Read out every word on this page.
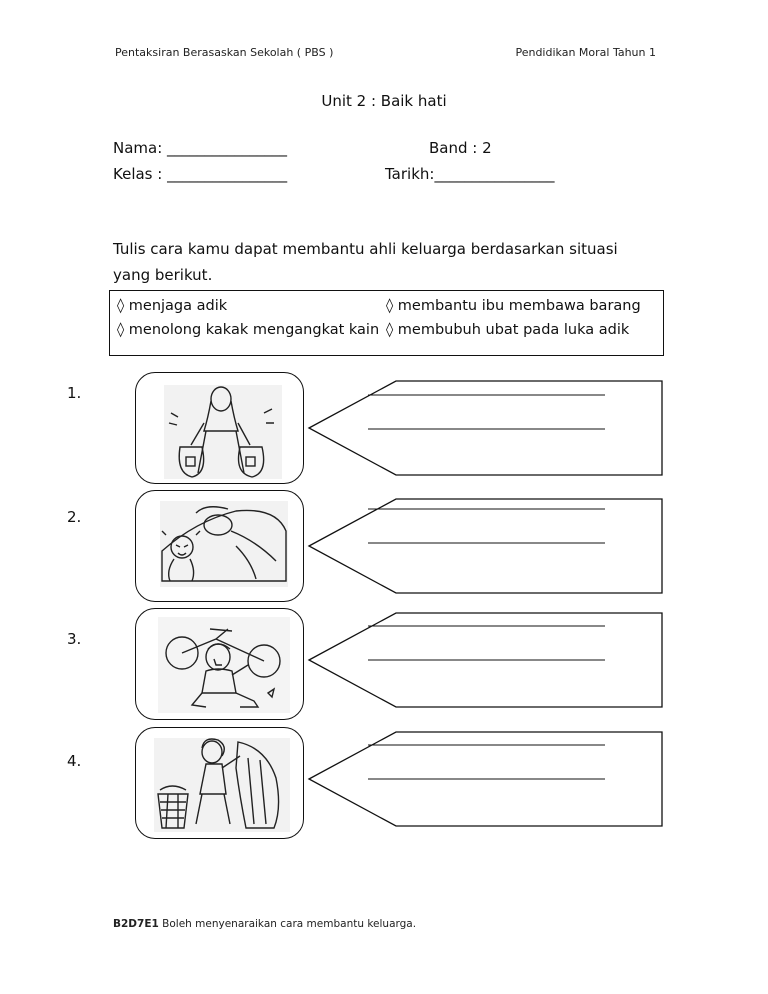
Pentaksiran Berasaskan Sekolah ( PBS )	Pendidikan Moral Tahun 1
Unit 2 : Baik hati
Nama: ________________	Band : 2
Kelas : ________________	Tarikh:________________
Tulis cara kamu dapat membantu ahli keluarga berdasarkan situasi yang berikut.
◊ menjaga adik	◊ membantu ibu membawa barang
◊ menolong kakak mengangkat kain ◊ membubuh ubat pada luka adik
1.
2.
3.
4.
B2D7E1 Boleh menyenaraikan cara membantu keluarga.
